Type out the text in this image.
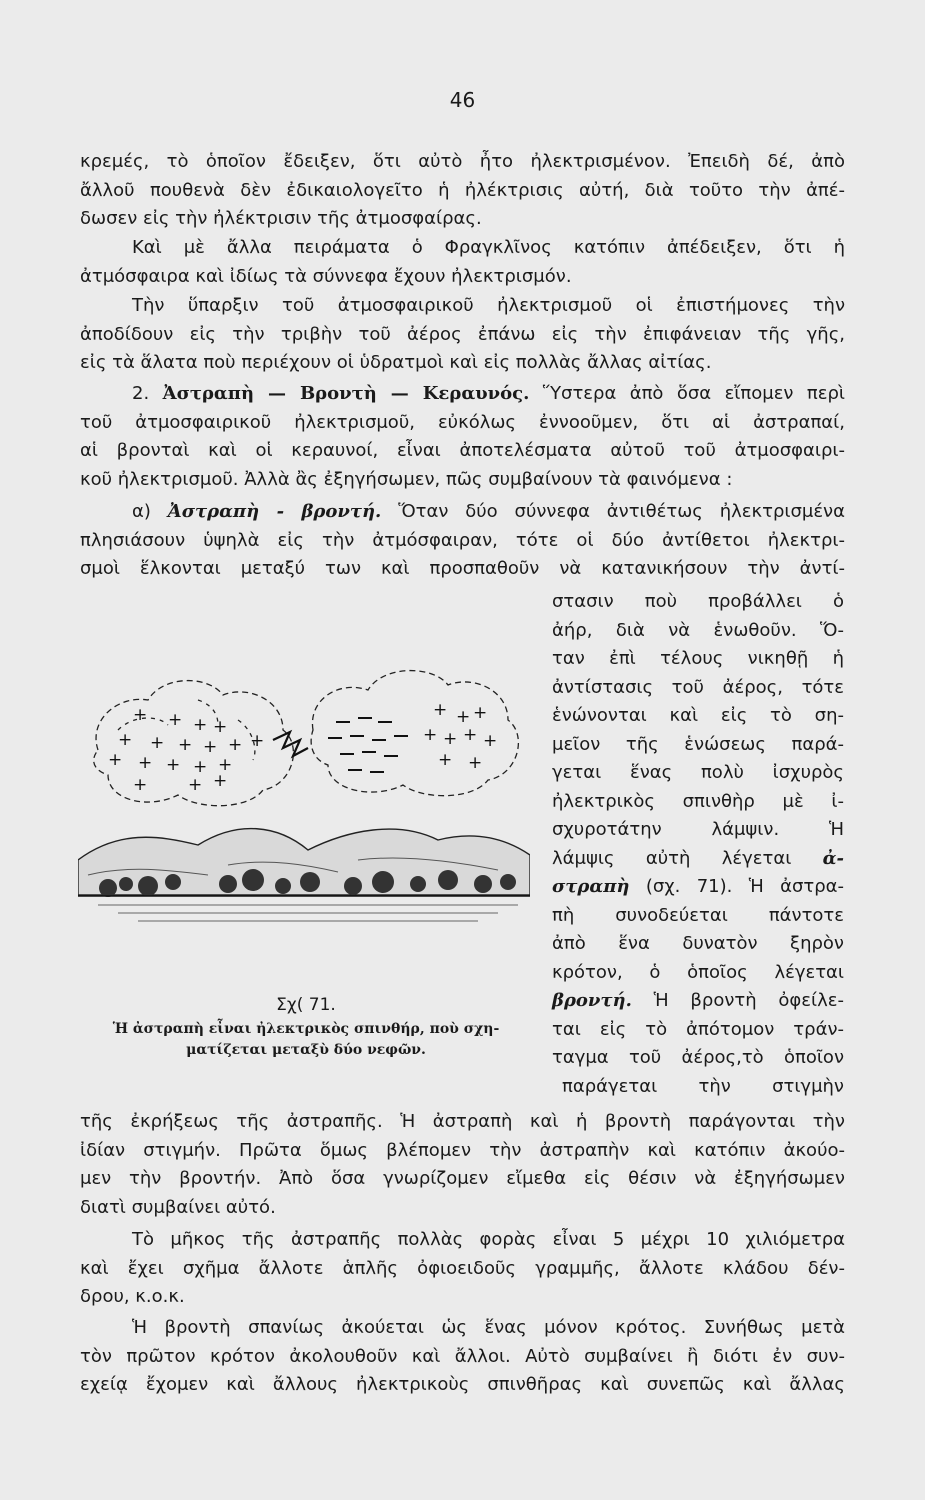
46
κρεμές, τὸ ὁποῖον ἔδειξεν, ὅτι αὐτὸ ἦτο ἠλεκτρισμένον. Ἐπειδὴ δέ, ἀπὸ
ἄλλοῦ πουθενὰ δὲν ἐδικαιολογεῖτο ἡ ἠλέκτρισις αὐτή, διὰ τοῦτο τὴν ἀπέ-
δωσεν εἰς τὴν ἠλέκτρισιν τῆς ἀτμοσφαίρας.
Καὶ μὲ ἄλλα πειράματα ὁ Φραγκλῖνος κατόπιν ἀπέδειξεν, ὅτι ἡ
ἀτμόσφαιρα καὶ ἰδίως τὰ σύννεφα ἔχουν ἠλεκτρισμόν.
Τὴν ὕπαρξιν τοῦ ἀτμοσφαιρικοῦ ἠλεκτρισμοῦ οἱ ἐπιστήμονες τὴν
ἀποδίδουν εἰς τὴν τριβὴν τοῦ ἀέρος ἐπάνω εἰς τὴν ἐπιφάνειαν τῆς γῆς,
εἰς τὰ ἅλατα ποὺ περιέχουν οἱ ὑδρατμοὶ καὶ εἰς πολλὰς ἄλλας αἰτίας.
2. Ἀστραπὴ — Βροντὴ — Κεραυνός. Ὕστερα ἀπὸ ὅσα εἴπομεν περὶ
τοῦ ἀτμοσφαιρικοῦ ἠλεκτρισμοῦ, εὐκόλως ἐννοοῦμεν, ὅτι αἱ ἀστραπαί,
αἱ βρονταὶ καὶ οἱ κεραυνοί, εἶναι ἀποτελέσματα αὐτοῦ τοῦ ἀτμοσφαιρι-
κοῦ ἠλεκτρισμοῦ. Ἀλλὰ ἂς ἐξηγήσωμεν, πῶς συμβαίνουν τὰ φαινόμενα :
α) Ἀστραπὴ - βροντή. Ὅταν δύο σύννεφα ἀντιθέτως ἠλεκτρισμένα
πλησιάσουν ὑψηλὰ εἰς τὴν ἀτμόσφαιραν, τότε οἱ δύο ἀντίθετοι ἠλεκτρι-
σμοὶ ἕλκονται μεταξύ των καὶ προσπαθοῦν νὰ κατανικήσουν τὴν ἀντί-
στασιν ποὺ προβάλλει ὁ
ἀήρ, διὰ νὰ ἑνωθοῦν. Ὅ-
ταν ἐπὶ τέλους νικηθῇ ἡ
ἀντίστασις τοῦ ἀέρος, τότε
ἑνώνονται καὶ εἰς τὸ ση-
μεῖον τῆς ἑνώσεως παρά-
γεται ἕνας πολὺ ἰσχυρὸς
ἠλεκτρικὸς σπινθὴρ μὲ ἰ-
σχυροτάτην λάμψιν. Ἡ
λάμψις αὐτὴ λέγεται ἀ-
στραπὴ (σχ. 71). Ἡ ἀστρα-
πὴ συνοδεύεται πάντοτε
ἀπὸ ἕνα δυνατὸν ξηρὸν
κρότον, ὁ ὁποῖος λέγεται
βροντή. Ἡ βροντὴ ὀφείλε-
ται εἰς τὸ ἀπότομον τράν-
ταγμα τοῦ ἀέρος,τὸ ὁποῖον
παράγεται τὴν στιγμὴν
+ + + +
+ + + + + +
+ + + + +
+ + +
+ + +
+ + + +
+ +
Σχ( 71.
Ἡ ἀστραπὴ εἶναι ἠλεκτρικὸς σπινθήρ, ποὺ σχη-
ματίζεται μεταξὺ δύο νεφῶν.
τῆς ἐκρήξεως τῆς ἀστραπῆς. Ἡ ἀστραπὴ καὶ ἡ βροντὴ παράγονται τὴν
ἰδίαν στιγμήν. Πρῶτα ὅμως βλέπομεν τὴν ἀστραπὴν καὶ κατόπιν ἀκούο-
μεν τὴν βροντήν. Ἀπὸ ὅσα γνωρίζομεν εἴμεθα εἰς θέσιν νὰ ἐξηγήσωμεν
διατὶ συμβαίνει αὐτό.
Τὸ μῆκος τῆς ἀστραπῆς πολλὰς φορὰς εἶναι 5 μέχρι 10 χιλιόμετρα
καὶ ἔχει σχῆμα ἄλλοτε ἁπλῆς ὀφιοειδοῦς γραμμῆς, ἄλλοτε κλάδου δέν-
δρου, κ.ο.κ.
Ἡ βροντὴ σπανίως ἀκούεται ὡς ἕνας μόνον κρότος. Συνήθως μετὰ
τὸν πρῶτον κρότον ἀκολουθοῦν καὶ ἄλλοι. Αὐτὸ συμβαίνει ἢ διότι ἐν συν-
εχείᾳ ἔχομεν καὶ ἄλλους ἠλεκτρικοὺς σπινθῆρας καὶ συνεπῶς καὶ ἄλλας
